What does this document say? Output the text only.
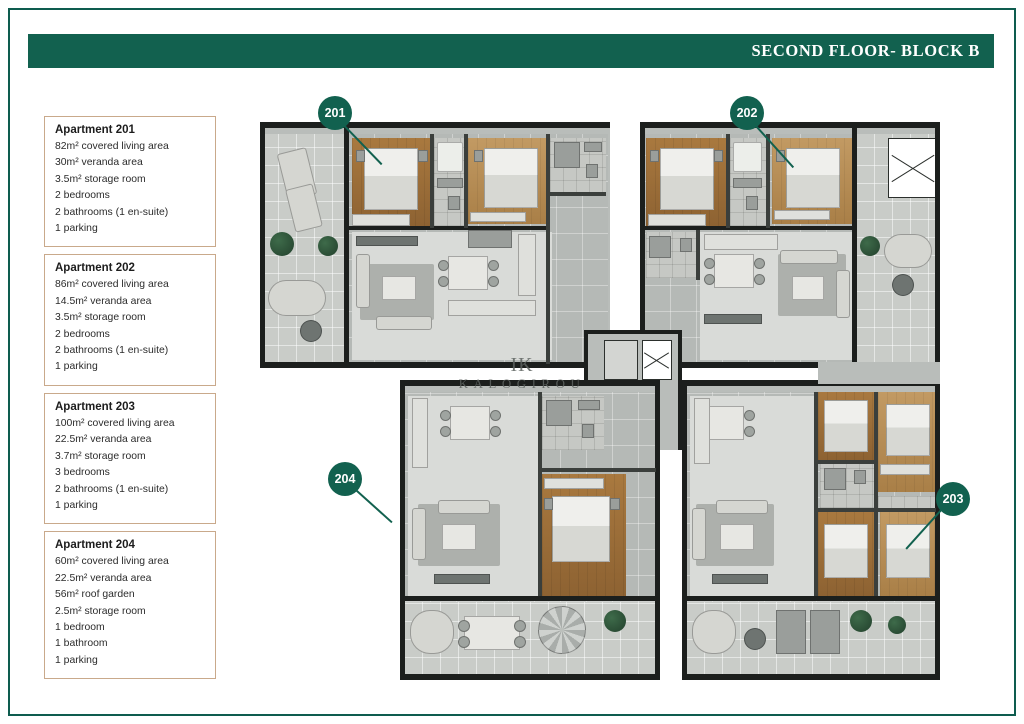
SECOND FLOOR- BLOCK B
Apartment 201
82m² covered living area
30m² veranda area
3.5m² storage room
2 bedrooms
2 bathrooms (1 en-suite)
1 parking
Apartment 202
86m² covered living area
14.5m² veranda area
3.5m² storage room
2 bedrooms
2 bathrooms (1 en-suite)
1 parking
Apartment 203
100m² covered living area
22.5m² veranda area
3.7m² storage room
3 bedrooms
2 bathrooms (1 en-suite)
1 parking
Apartment 204
60m² covered living area
22.5m² veranda area
56m² roof garden
2.5m² storage room
1 bedroom
1 bathroom
1 parking
IK
KALOGIROU
201	202
203
204
